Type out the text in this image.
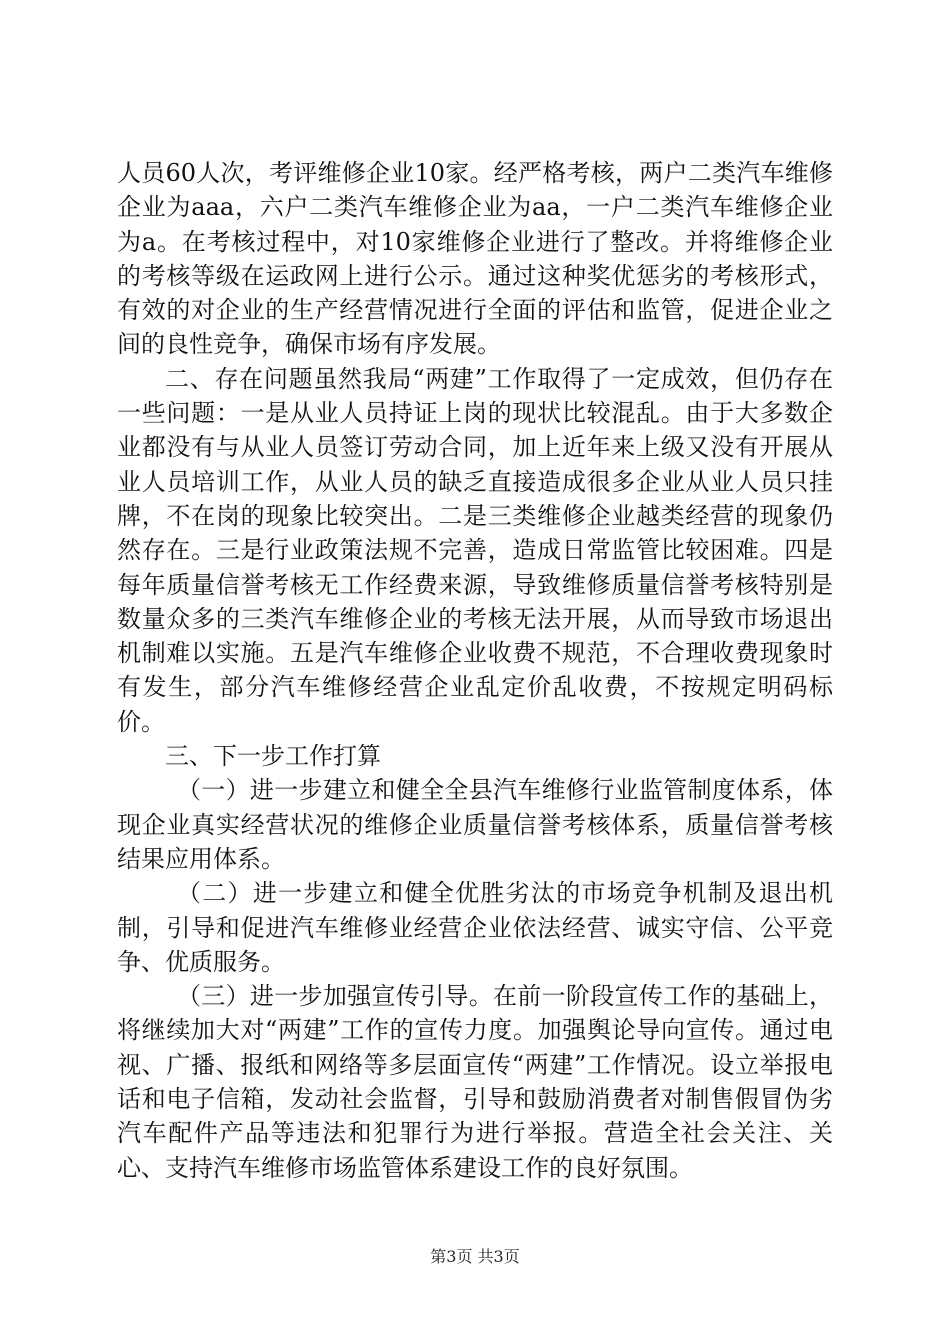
人员60人次，考评维修企业10家。经严格考核，两户二类汽车维修企业为aaa，六户二类汽车维修企业为aa，一户二类汽车维修企业为a。在考核过程中，对10家维修企业进行了整改。并将维修企业的考核等级在运政网上进行公示。通过这种奖优惩劣的考核形式，有效的对企业的生产经营情况进行全面的评估和监管，促进企业之间的良性竞争，确保市场有序发展。

二、存在问题虽然我局“两建”工作取得了一定成效，但仍存在一些问题：一是从业人员持证上岗的现状比较混乱。由于大多数企业都没有与从业人员签订劳动合同，加上近年来上级又没有开展从业人员培训工作，从业人员的缺乏直接造成很多企业从业人员只挂牌，不在岗的现象比较突出。二是三类维修企业越类经营的现象仍然存在。三是行业政策法规不完善，造成日常监管比较困难。四是每年质量信誉考核无工作经费来源，导致维修质量信誉考核特别是数量众多的三类汽车维修企业的考核无法开展，从而导致市场退出机制难以实施。五是汽车维修企业收费不规范，不合理收费现象时有发生，部分汽车维修经营企业乱定价乱收费，不按规定明码标价。

三、下一步工作打算

（一）进一步建立和健全全县汽车维修行业监管制度体系，体现企业真实经营状况的维修企业质量信誉考核体系，质量信誉考核结果应用体系。

（二）进一步建立和健全优胜劣汰的市场竞争机制及退出机制，引导和促进汽车维修业经营企业依法经营、诚实守信、公平竞争、优质服务。

（三）进一步加强宣传引导。在前一阶段宣传工作的基础上，将继续加大对“两建”工作的宣传力度。加强舆论导向宣传。通过电视、广播、报纸和网络等多层面宣传“两建”工作情况。设立举报电话和电子信箱，发动社会监督，引导和鼓励消费者对制售假冒伪劣汽车配件产品等违法和犯罪行为进行举报。营造全社会关注、关心、支持汽车维修市场监管体系建设工作的良好氛围。

第3页 共3页
